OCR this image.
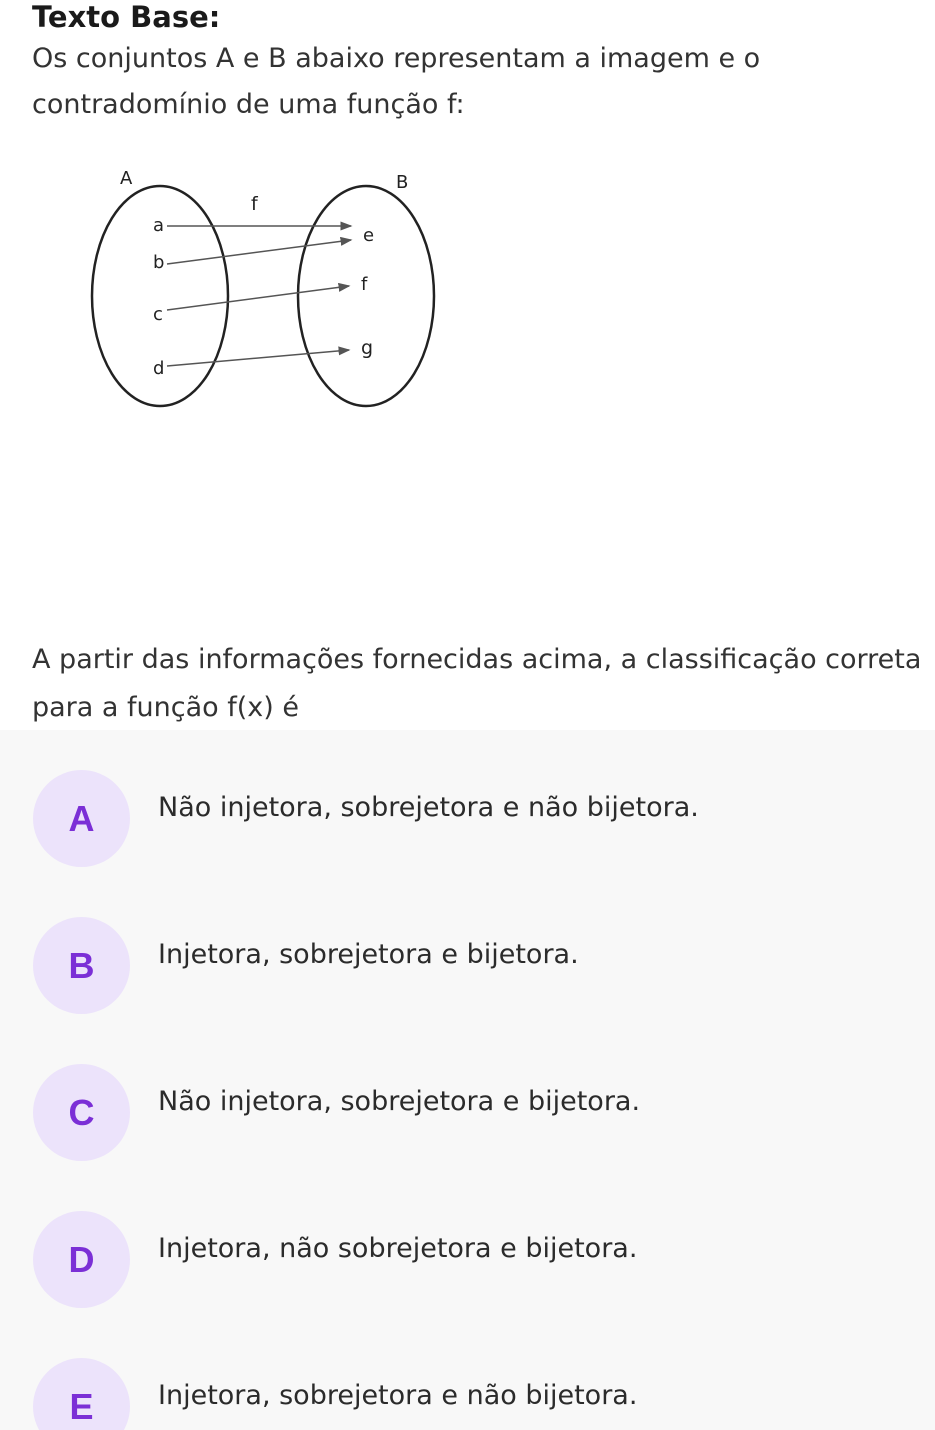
Texto Base:

Os conjuntos A e B abaixo representam a imagem e o contradomínio de uma função f:

A	B
f
a
b
c
d
e
f
g

A partir das informações fornecidas acima, a classificação correta para a função f(x) é

A	Não injetora, sobrejetora e não bijetora.
B	Injetora, sobrejetora e bijetora.
C	Não injetora, sobrejetora e bijetora.
D	Injetora, não sobrejetora e bijetora.
E	Injetora, sobrejetora e não bijetora.
